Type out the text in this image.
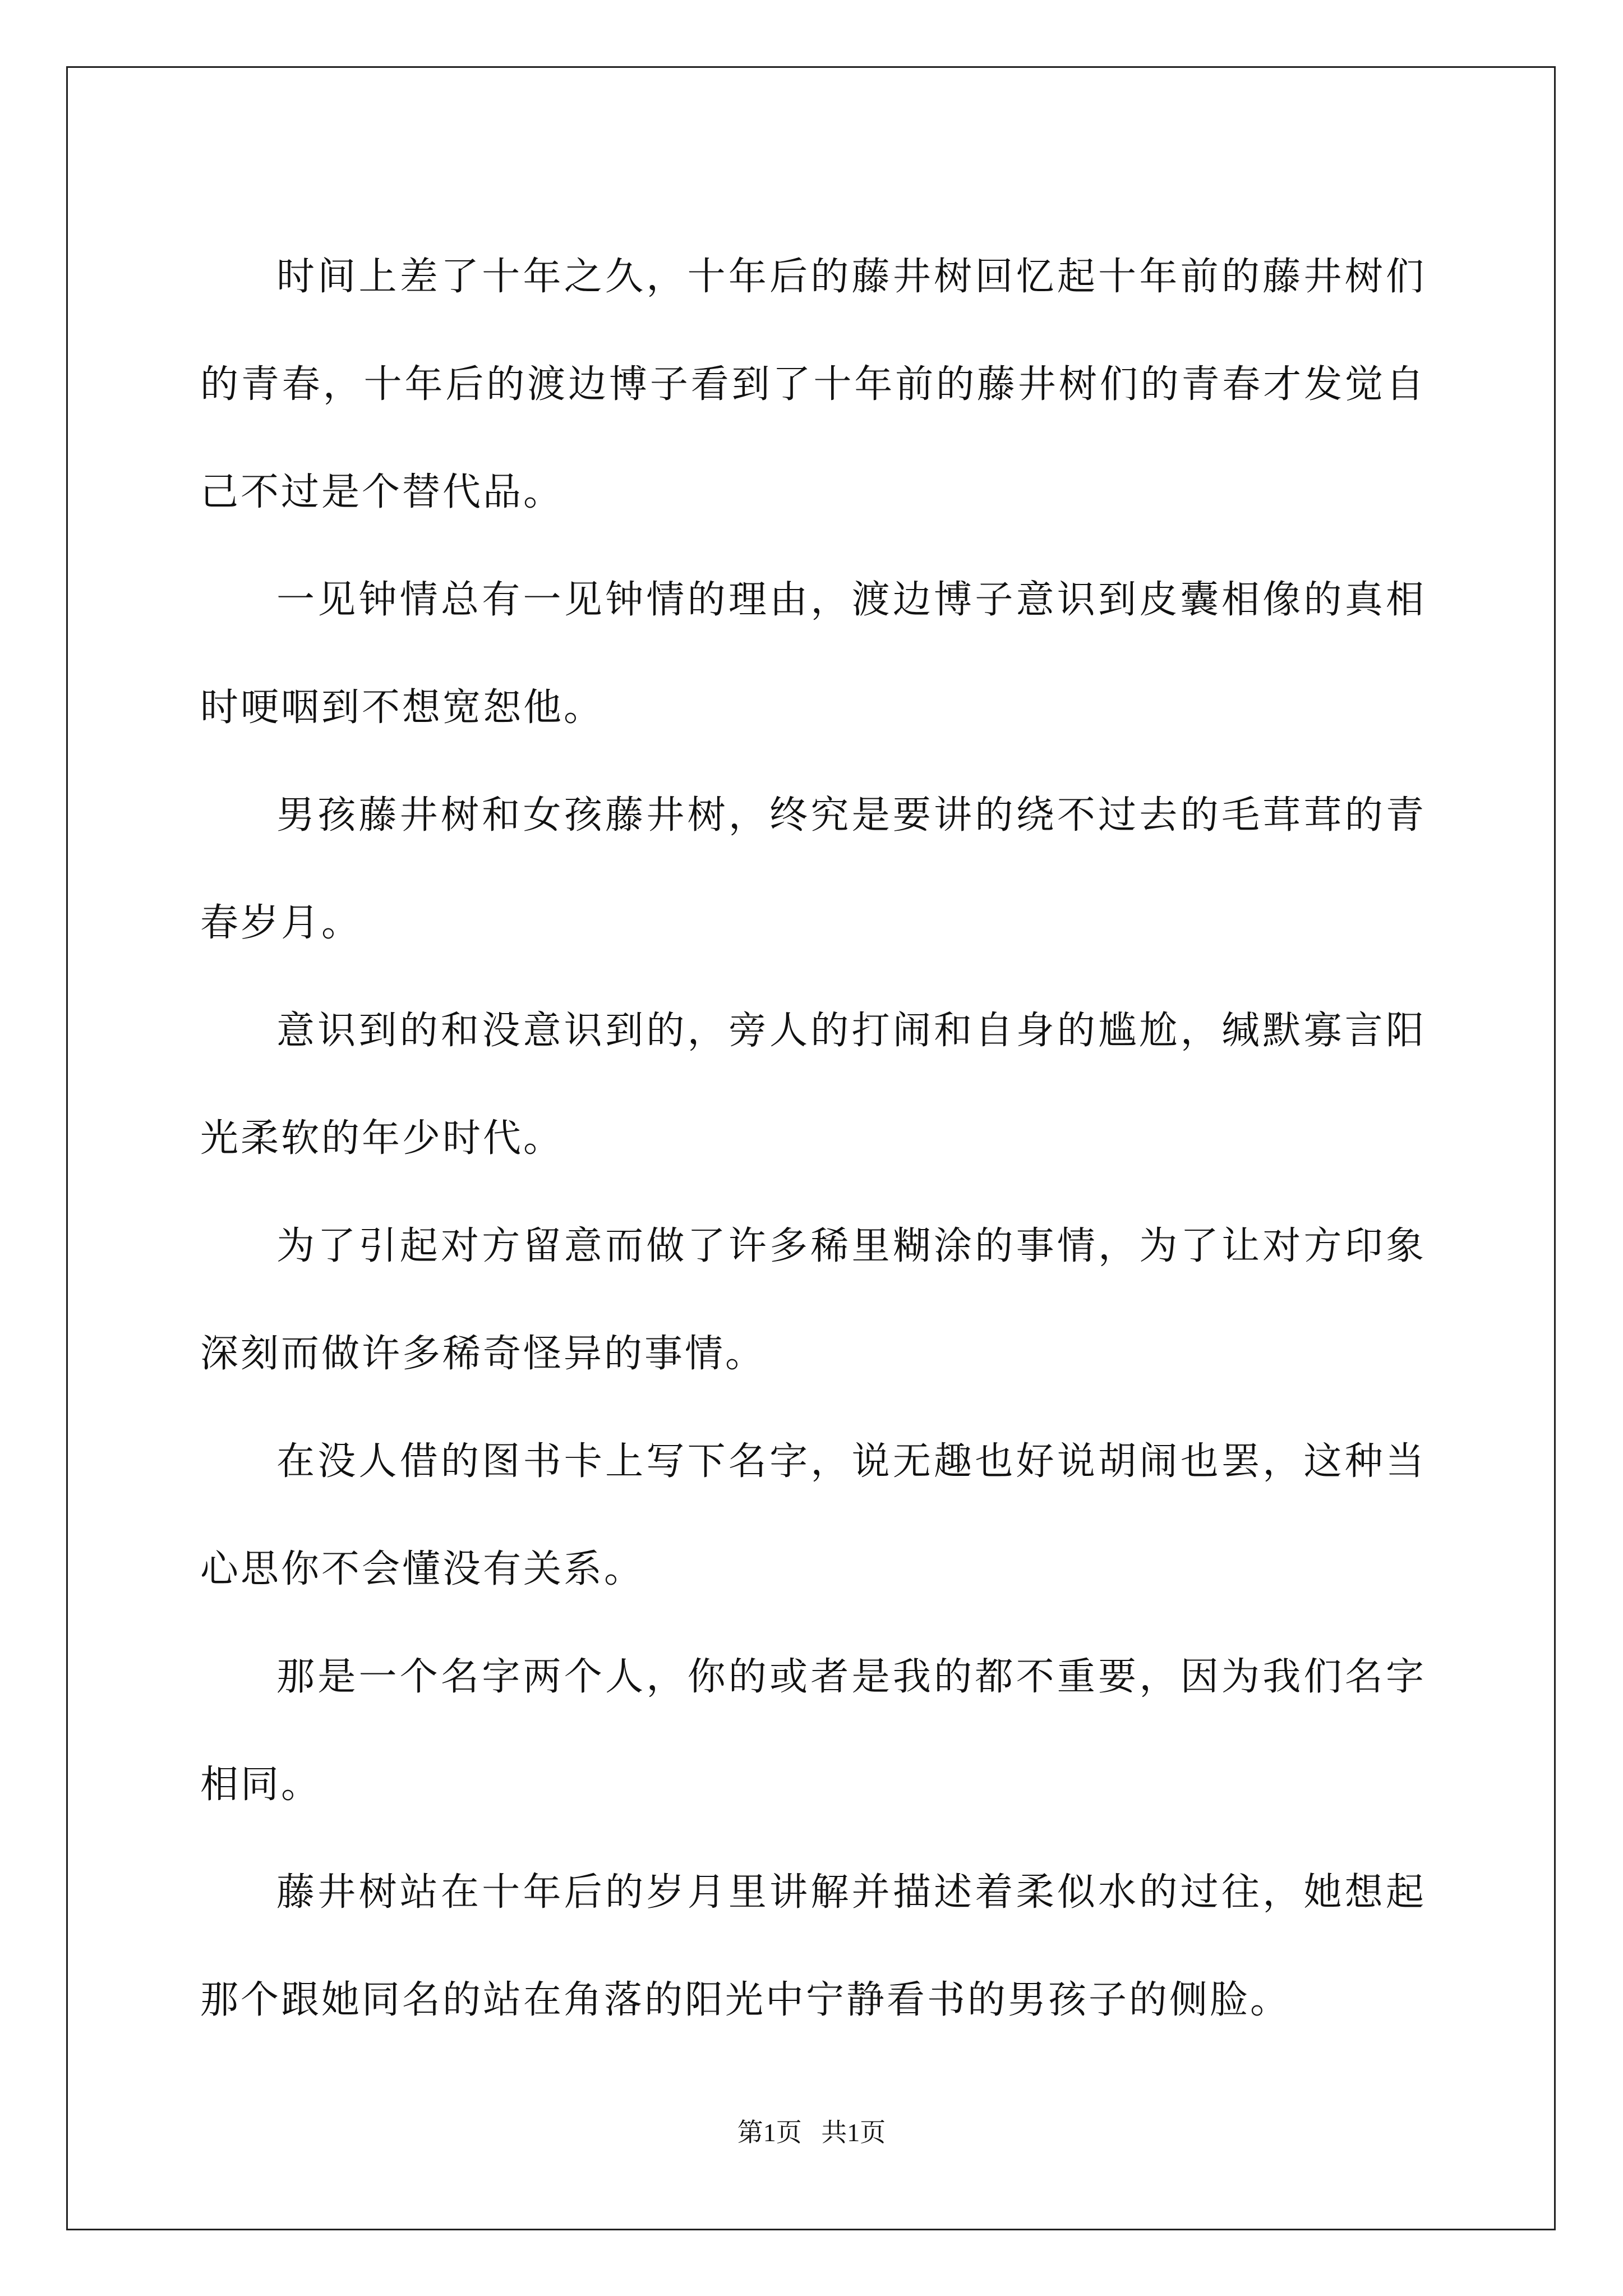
时间上差了十年之久，十年后的藤井树回忆起十年前的藤井树们的青春，十年后的渡边博子看到了十年前的藤井树们的青春才发觉自己不过是个替代品。

一见钟情总有一见钟情的理由，渡边博子意识到皮囊相像的真相时哽咽到不想宽恕他。

男孩藤井树和女孩藤井树，终究是要讲的绕不过去的毛茸茸的青春岁月。

意识到的和没意识到的，旁人的打闹和自身的尴尬，缄默寡言阳光柔软的年少时代。

为了引起对方留意而做了许多稀里糊涂的事情，为了让对方印象深刻而做许多稀奇怪异的事情。

在没人借的图书卡上写下名字，说无趣也好说胡闹也罢，这种当心思你不会懂没有关系。

那是一个名字两个人，你的或者是我的都不重要，因为我们名字相同。

藤井树站在十年后的岁月里讲解并描述着柔似水的过往，她想起那个跟她同名的站在角落的阳光中宁静看书的男孩子的侧脸。

第1页 共1页
